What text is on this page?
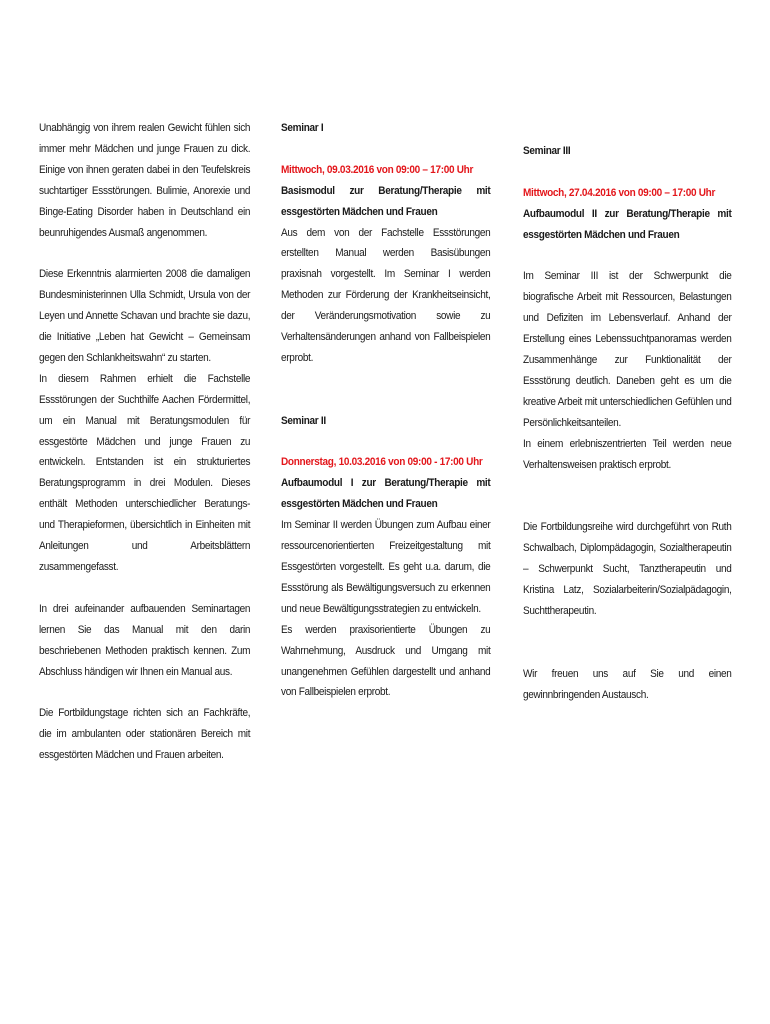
Unabhängig von ihrem realen Gewicht fühlen sich immer mehr Mädchen und junge Frauen zu dick. Einige von ihnen geraten dabei in den Teufelskreis suchtartiger Essstörungen. Bulimie, Anorexie und Binge-Eating Disorder haben in Deutschland ein beunruhigendes Ausmaß angenommen.

Diese Erkenntnis alarmierten 2008 die damaligen Bundesministerinnen Ulla Schmidt, Ursula von der Leyen und Annette Schavan und brachte sie dazu, die Initiative „Leben hat Gewicht – Gemeinsam gegen den Schlankheitswahn“ zu starten.

In diesem Rahmen erhielt die Fachstelle Essstörungen der Suchthilfe Aachen Fördermittel, um ein Manual mit Beratungsmodulen für essgestörte Mädchen und junge Frauen zu entwickeln. Entstanden ist ein strukturiertes Beratungsprogramm in drei Modulen. Dieses enthält Methoden unterschiedlicher Beratungs- und Therapieformen, übersichtlich in Einheiten mit Anleitungen und Arbeitsblättern zusammengefasst.

In drei aufeinander aufbauenden Seminartagen lernen Sie das Manual mit den darin beschriebenen Methoden praktisch kennen. Zum Abschluss händigen wir Ihnen ein Manual aus.

Die Fortbildungstage richten sich an Fachkräfte, die im ambulanten oder stationären Bereich mit essgestörten Mädchen und Frauen arbeiten.

Seminar I
Mittwoch, 09.03.2016 von 09:00 – 17:00 Uhr
Basismodul zur Beratung/Therapie mit essgestörten Mädchen und Frauen

Aus dem von der Fachstelle Essstörungen erstellten Manual werden Basisübungen praxisnah vorgestellt. Im Seminar I werden Methoden zur Förderung der Krankheitseinsicht, der Veränderungsmotivation sowie zu Verhaltensänderungen anhand von Fallbeispielen erprobt.

Seminar II
Donnerstag, 10.03.2016 von 09:00 - 17:00 Uhr
Aufbaumodul I zur Beratung/Therapie mit essgestörten Mädchen und Frauen

Im Seminar II werden Übungen zum Aufbau einer ressourcenorientierten Freizeitgestaltung mit Essgestörten vorgestellt. Es geht u.a. darum, die Essstörung als Bewältigungsversuch zu erkennen und neue Bewältigungsstrategien zu entwickeln.

Es werden praxisorientierte Übungen zu Wahrnehmung, Ausdruck und Umgang mit unangenehmen Gefühlen dargestellt und anhand von Fallbeispielen erprobt.

Seminar III
Mittwoch, 27.04.2016 von 09:00 – 17:00 Uhr
Aufbaumodul II zur Beratung/Therapie mit essgestörten Mädchen und Frauen

Im Seminar III ist der Schwerpunkt die biografische Arbeit mit Ressourcen, Belastungen und Defiziten im Lebensverlauf. Anhand der Erstellung eines Lebenssuchtpanoramas werden Zusammenhänge zur Funktionalität der Essstörung deutlich. Daneben geht es um die kreative Arbeit mit unterschiedlichen Gefühlen und Persönlichkeitsanteilen.

In einem erlebniszentrierten Teil werden neue Verhaltensweisen praktisch erprobt.

Die Fortbildungsreihe wird durchgeführt von Ruth Schwalbach, Diplompädagogin, Sozialtherapeutin – Schwerpunkt Sucht, Tanztherapeutin und Kristina Latz, Sozialarbeiterin/Sozialpädagogin, Suchttherapeutin.

Wir freuen uns auf Sie und einen gewinnbringenden Austausch.
